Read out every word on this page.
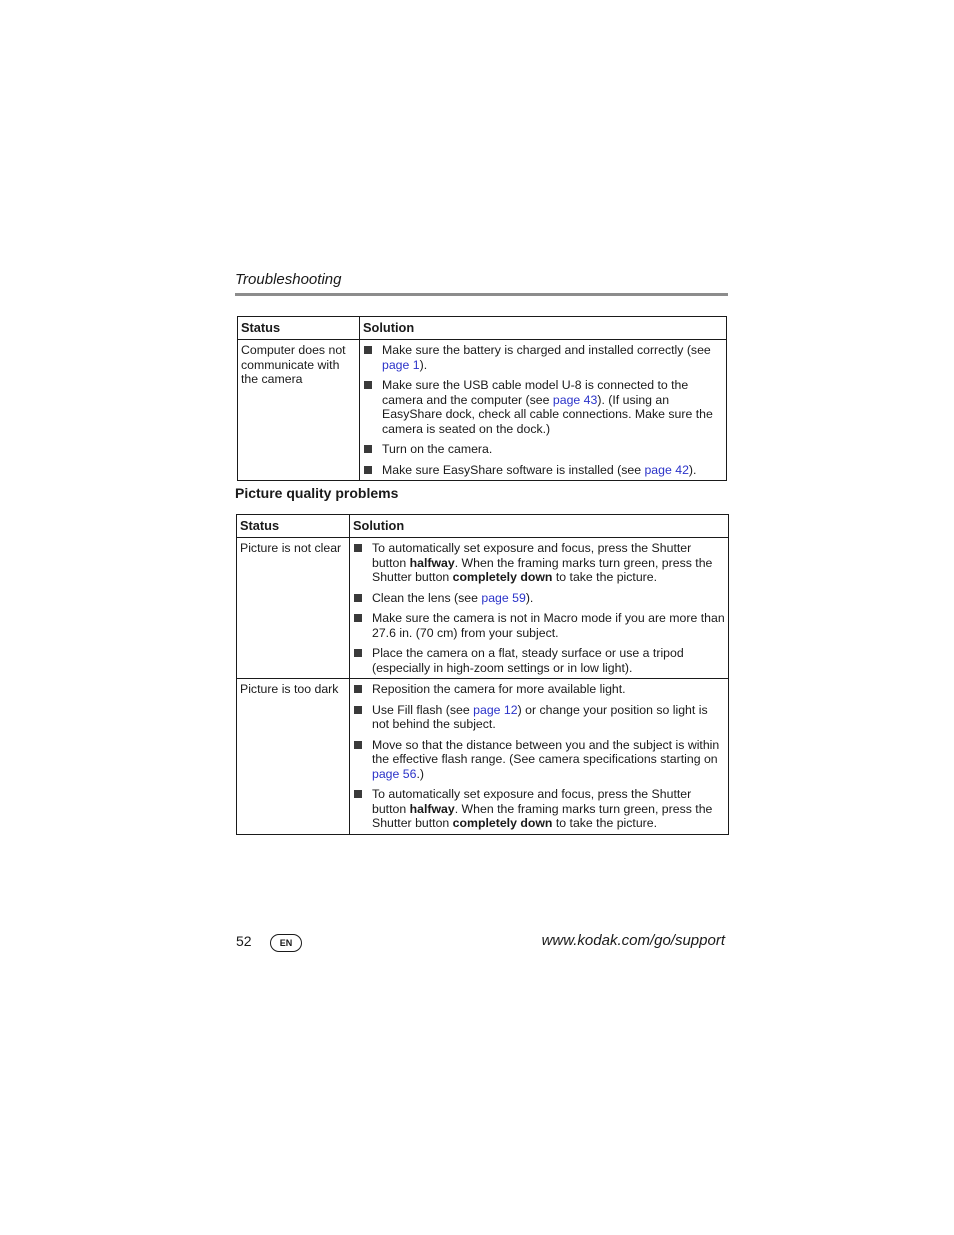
Troubleshooting
Status	Solution
Computer does not communicate with the camera	Make sure the battery is charged and installed correctly (see page 1).
Make sure the USB cable model U-8 is connected to the camera and the computer (see page 43). (If using an EasyShare dock, check all cable connections. Make sure the camera is seated on the dock.)
Turn on the camera.
Make sure EasyShare software is installed (see page 42).
Picture quality problems
Status	Solution
Picture is not clear	To automatically set exposure and focus, press the Shutter button halfway. When the framing marks turn green, press the Shutter button completely down to take the picture.
Clean the lens (see page 59).
Make sure the camera is not in Macro mode if you are more than 27.6 in. (70 cm) from your subject.
Place the camera on a flat, steady surface or use a tripod (especially in high-zoom settings or in low light).

Picture is too dark	Reposition the camera for more available light.
Use Fill flash (see page 12) or change your position so light is not behind the subject.
Move so that the distance between you and the subject is within the effective flash range. (See camera specifications starting on page 56.)
To automatically set exposure and focus, press the Shutter button halfway. When the framing marks turn green, press the Shutter button completely down to take the picture.
52	EN	www.kodak.com/go/support
